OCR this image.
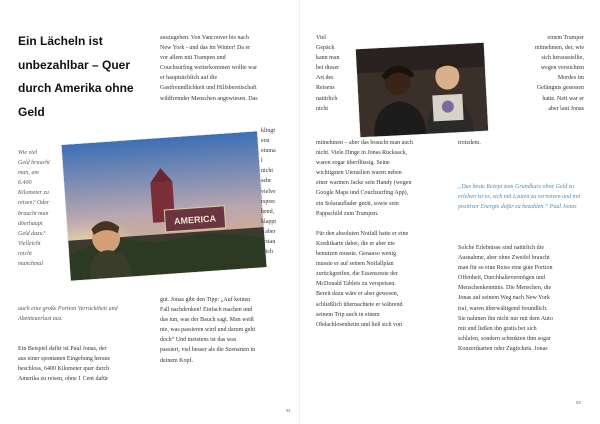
Ein Lächeln ist
unbezahlbar – Quer
durch Amerika ohne
Geld

Wie viel
Geld braucht
man, um
6.400
Kilometer zu
reisen? Oder
braucht man
überhaupt
Geld dazu?
Vielleicht
reicht
manchmal

auch eine große Portion Verrücktheit und Abenteuerlust aus.

Ein Beispiel dafür ist Paul Jonas, der
aus einer spontanen Eingebung heraus
beschloss, 6400 Kilometer quer durch
Amerika zu reisen, ohne 1 Cent dafür

AMERICA

auszugeben. Von Vancouver bis nach
New York - und das im Winter! Da er
vor allem mit Trampen und
Couchsurfing weiterkommen wollte war
er hauptsächlich auf die
Gastfreundlichkeit und Hilfsbereitschaft
wildfremder Menschen angewiesen. Das

klingt
erst
einma
l
nicht
sehr
vielve
rsprec
hend,
klappt
e aber
erstau
nlich

gut. Jonas gibt den Tipp: „Auf keinen
Fall nachdenken! Einfach machen und
das tun, was der Bauch sagt. Man weiß
nie, was passieren wird und darum geht
doch“ Und meistens ist das was
passiert, viel besser als die Szenarien in
deinem Kopf.

91

Viel
Gepäck
kann man
bei dieser
Art des
Reisens
natürlich
nicht

mitnehmen – aber das braucht man auch
nicht. Viele Dinge in Jonas Rucksack,
waren sogar überflüssig. Seine
wichtigsten Utensilien waren neben
einer warmen Jacke sein Handy (wegen
Google Maps und Couchsurfing App),
ein Solarauflader gerät, sowie sein
Pappschild zum Trampen.

Für den absoluten Notfall hatte er eine
Kreditkarte dabei, die er aber nie
benutzen musste. Genauso wenig
musste er auf seinen Notfallplan
zurückgreifen, die Essensreste der
McDonald Tablets zu verspeisen.
Bereit dazu wäre er aber gewesen,
schließlich übernachtete er während
seinem Trip auch in einem
Obdachlosenheim und ließ sich von

einem Tramper
mitnehmen, der, wie
sich herausstellte,
wegen versuchten
Mordes im
Gefängnis gesessen
hatte. Nett war er
aber laut Jonas

trotzdem.

„Das beste Rezept zum Grundkurs ohne Geld zu erleben ist es, sich mit Leuten zu vernetzen und mit positiver Energie dafür zu bezahlen.“ Paul Jonas

Solche Erlebnisse sind natürlich die
Ausnahme, aber ohne Zweifel braucht
man für so eine Reise eine gute Portion
Offenheit, Durchhaltevermögen und
Menschenkenntnis. Die Menschen, die
Jonas auf seinem Weg nach New York
traf, waren überwältigend freundlich.
Sie nahmen ihn nicht nur mit dem Auto
mit und ließen ihn gratis bei sich
schlafen, sondern schenkten ihm sogar
Konzertkarten oder Zugtickets. Jonas

92
